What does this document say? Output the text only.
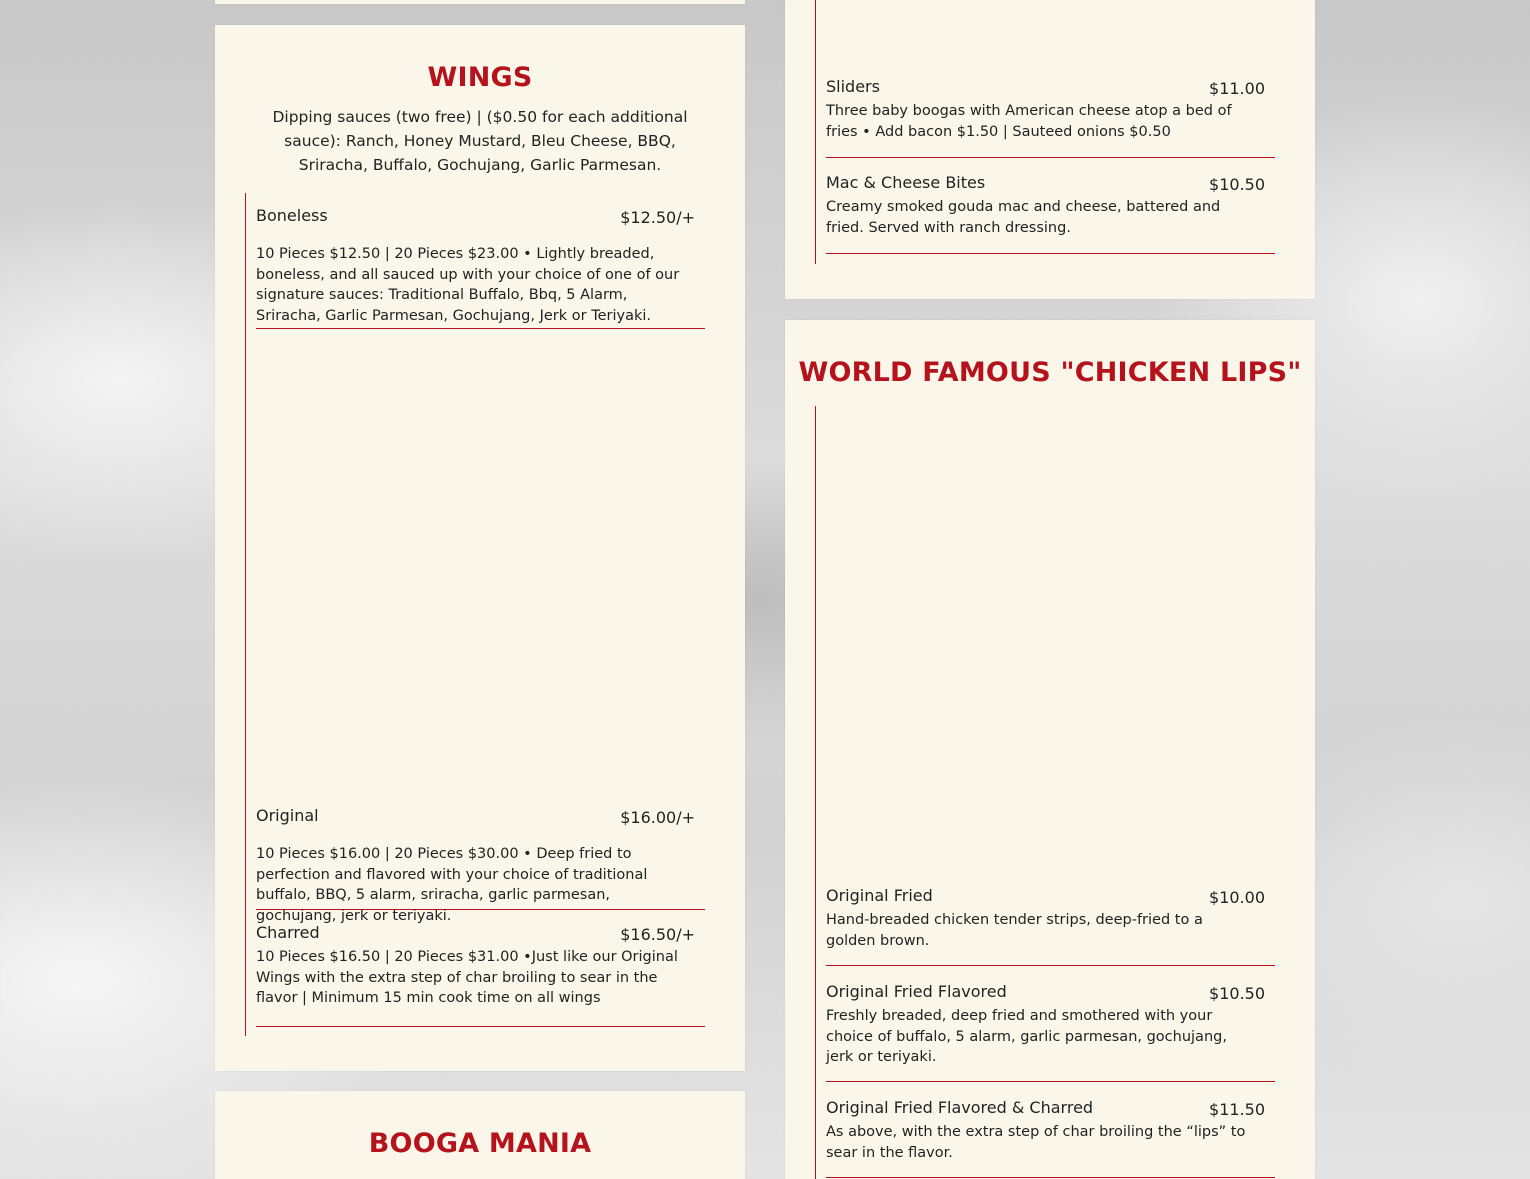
WINGS
Dipping sauces (two free) | ($0.50 for each additional sauce): Ranch, Honey Mustard, Bleu Cheese, BBQ, Sriracha, Buffalo, Gochujang, Garlic Parmesan.
Boneless	$12.50/+
10 Pieces $12.50 | 20 Pieces $23.00 • Lightly breaded, boneless, and all sauced up with your choice of one of our signature sauces: Traditional Buffalo, Bbq, 5 Alarm, Sriracha, Garlic Parmesan, Gochujang, Jerk or Teriyaki.
Original	$16.00/+
10 Pieces $16.00 | 20 Pieces $30.00 • Deep fried to perfection and flavored with your choice of traditional buffalo, BBQ, 5 alarm, sriracha, garlic parmesan, gochujang, jerk or teriyaki.
Charred	$16.50/+
10 Pieces $16.50 | 20 Pieces $31.00 •Just like our Original Wings with the extra step of char broiling to sear in the flavor | Minimum 15 min cook time on all wings
BOOGA MANIA
Sliders	$11.00
Three baby boogas with American cheese atop a bed of fries • Add bacon $1.50 | Sauteed onions $0.50
Mac & Cheese Bites	$10.50
Creamy smoked gouda mac and cheese, battered and fried. Served with ranch dressing.
WORLD FAMOUS "CHICKEN LIPS"
Original Fried	$10.00
Hand-breaded chicken tender strips, deep-fried to a golden brown.
Original Fried Flavored	$10.50
Freshly breaded, deep fried and smothered with your choice of buffalo, 5 alarm, garlic parmesan, gochujang, jerk or teriyaki.
Original Fried Flavored & Charred	$11.50
As above, with the extra step of char broiling the “lips” to sear in the flavor.
